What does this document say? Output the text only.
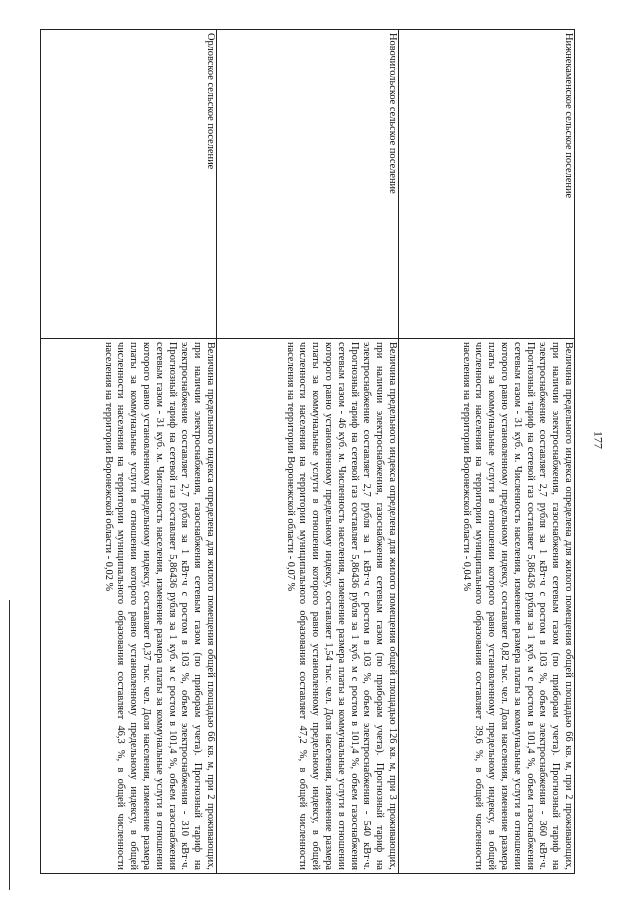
177
Нижнекаменское сельское поселение	Величина предельного индекса определена для жилого помещения общей площадью 66 кв. м, при 2 проживающих, при наличии электроснабжения, газоснабжения сетевым газом (по приборам учета). Прогнозный тариф на электроснабжение составляет 2,7 рубля за 1 кВт·ч с ростом в 103 %, объем электроснабжения - 360 кВт·ч. Прогнозный тариф на сетевой газ составляет 5,86436 рубля за 1 куб. м с ростом в 101,4 %, объем газоснабжения сетевым газом - 31 куб. м. Численность населения, изменение размера платы за коммунальные услуги в отношении которого равно установленному предельному индексу, составляет 0,82 тыс. чел. Доля населения, изменение размера платы за коммунальные услуги в отношении которого равно установленному предельному индексу, в общей численности населения на территории муниципального образования составляет 39,6 %, в общей численности населения на территории Воронежской области - 0,04 %
Новочигольское сельское поселение	Величина предельного индекса определена для жилого помещения общей площадью 126 кв. м, при 3 проживающих, при наличии электроснабжения, газоснабжения сетевым газом (по приборам учета). Прогнозный тариф на электроснабжение составляет 2,7 рубля за 1 кВт·ч с ростом в 103 %, объем электроснабжения - 540 кВт·ч. Прогнозный тариф на сетевой газ составляет 5,86436 рубля за 1 куб. м с ростом в 101,4 %, объем газоснабжения сетевым газом - 46 куб. м. Численность населения, изменение размера платы за коммунальные услуги в отношении которого равно установленному предельному индексу, составляет 1,54 тыс. чел. Доля населения, изменение размера платы за коммунальные услуги в отношении которого равно установленному предельному индексу, в общей численности населения на территории муниципального образования составляет 47,2 %, в общей численности населения на территории Воронежской области - 0,07 %
Орловское сельское поселение	Величина предельного индекса определена для жилого помещения общей площадью 66 кв. м, при 2 проживающих, при наличии электроснабжения, газоснабжения сетевым газом (по приборам учета). Прогнозный тариф на электроснабжение составляет 2,7 рубля за 1 кВт·ч с ростом в 103 %, объем электроснабжения - 310 кВт·ч. Прогнозный тариф на сетевой газ составляет 5,86436 рубля за 1 куб. м с ростом в 101,4 %, объем газоснабжения сетевым газом - 31 куб. м. Численность населения, изменение размера платы за коммунальные услуги в отношении которого равно установленному предельному индексу, составляет 0,37 тыс. чел. Доля населения, изменение размера платы за коммунальные услуги в отношении которого равно установленному предельному индексу, в общей численности населения на территории муниципального образования составляет 46,3 %, в общей численности населения на территории Воронежской области - 0,02 %
